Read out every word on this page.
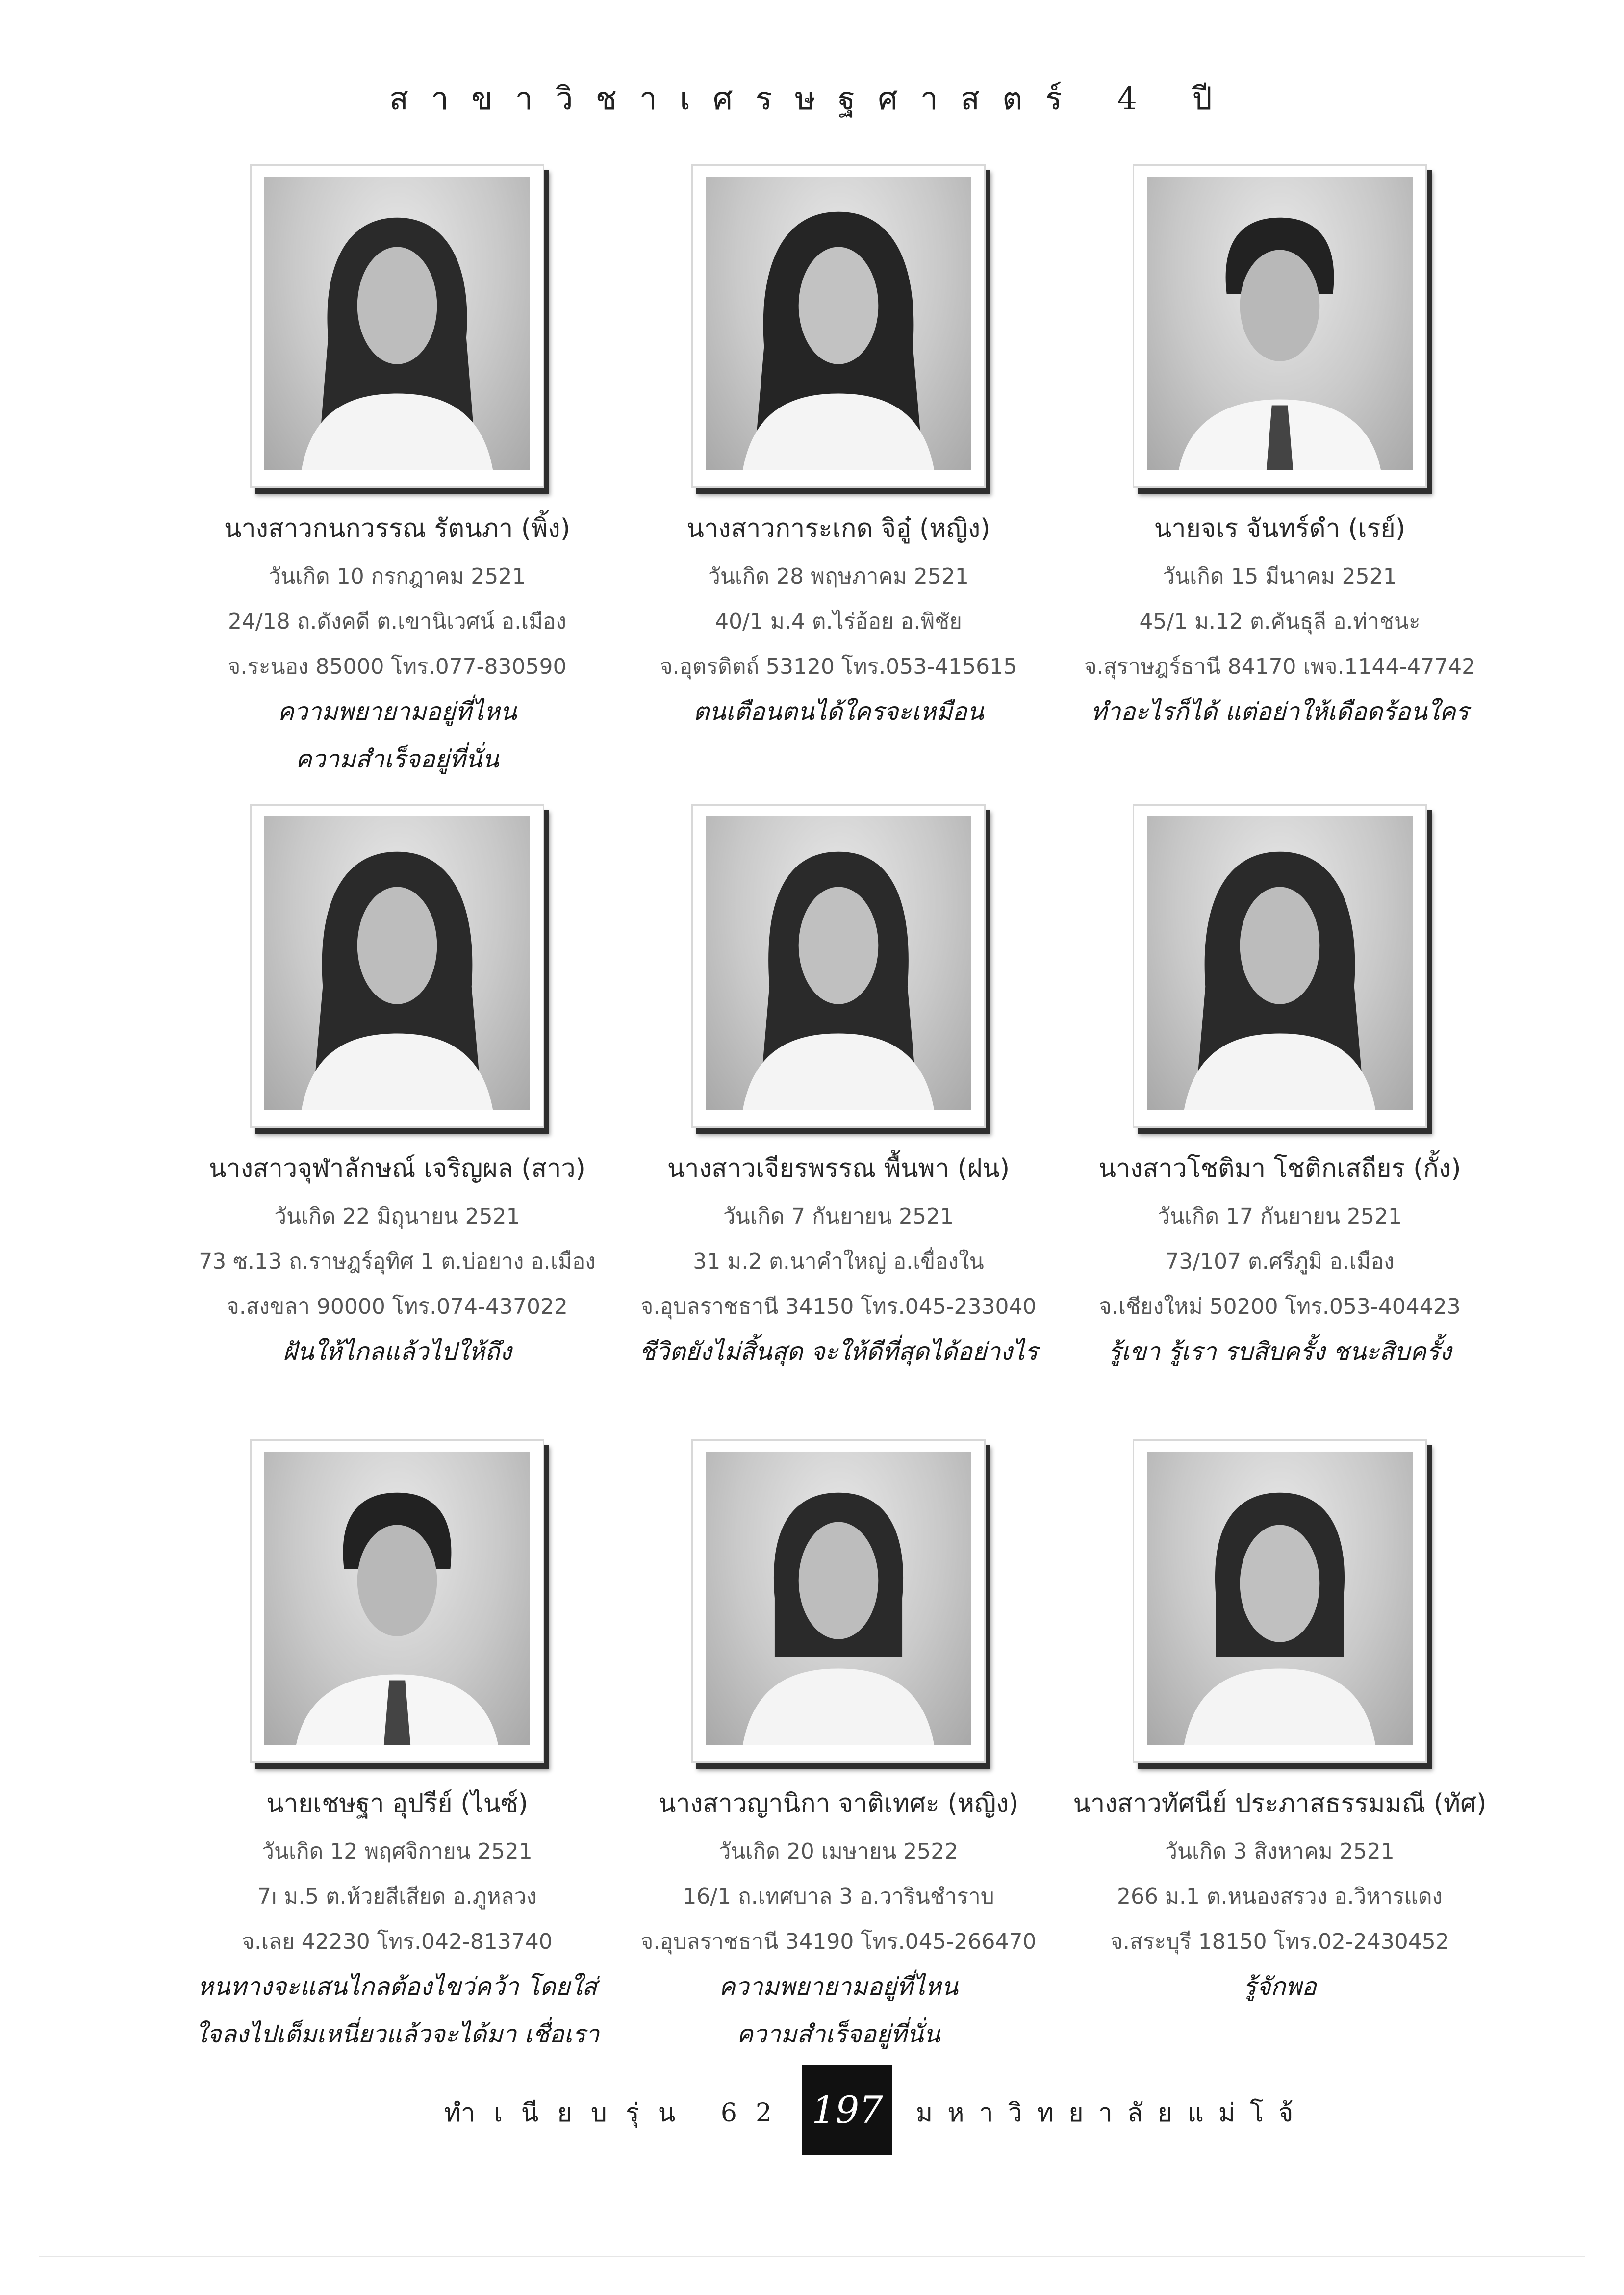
สาขาวิชาเศรษฐศาสตร์ 4 ปี
นางสาวกนกวรรณ รัตนภา (พิ้ง)
วันเกิด 10 กรกฎาคม 2521
24/18 ถ.ดังคดี ต.เขานิเวศน์ อ.เมือง
จ.ระนอง 85000 โทร.077-830590
ความพยายามอยู่ที่ไหน
ความสำเร็จอยู่ที่นั่น
นางสาวการะเกด จิอู๋ (หญิง)
วันเกิด 28 พฤษภาคม 2521
40/1 ม.4 ต.ไร่อ้อย อ.พิชัย
จ.อุตรดิตถ์ 53120 โทร.053-415615
ตนเตือนตนได้ใครจะเหมือน
นายจเร จันทร์ดำ (เรย์)
วันเกิด 15 มีนาคม 2521
45/1 ม.12 ต.คันธุลี อ.ท่าชนะ
จ.สุราษฎร์ธานี 84170 เพจ.1144-47742
ทำอะไรก็ได้ แต่อย่าให้เดือดร้อนใคร
นางสาวจุฬาลักษณ์ เจริญผล (สาว)
วันเกิด 22 มิถุนายน 2521
73 ซ.13 ถ.ราษฎร์อุทิศ 1 ต.บ่อยาง อ.เมือง
จ.สงขลา 90000 โทร.074-437022
ฝันให้ไกลแล้วไปให้ถึง
นางสาวเจียรพรรณ พื้นพา (ฝน)
วันเกิด 7 กันยายน 2521
31 ม.2 ต.นาคำใหญ่ อ.เขื่องใน
จ.อุบลราชธานี 34150 โทร.045-233040
ชีวิตยังไม่สิ้นสุด จะให้ดีที่สุดได้อย่างไร
นางสาวโชติมา โชติกเสถียร (กั้ง)
วันเกิด 17 กันยายน 2521
73/107 ต.ศรีภูมิ อ.เมือง
จ.เชียงใหม่ 50200 โทร.053-404423
รู้เขา รู้เรา รบสิบครั้ง ชนะสิบครั้ง
นายเชษฐา อุปรีย์ (ไนซ์)
วันเกิด 12 พฤศจิกายน 2521
7ı ม.5 ต.ห้วยสีเสียด อ.ภูหลวง
จ.เลย 42230 โทร.042-813740
หนทางจะแสนไกลต้องไขว่คว้า โดยใส่
ใจลงไปเต็มเหนี่ยวแล้วจะได้มา เชื่อเรา
นางสาวญานิกา จาติเทศะ (หญิง)
วันเกิด 20 เมษายน 2522
16/1 ถ.เทศบาล 3 อ.วารินชำราบ
จ.อุบลราชธานี 34190 โทร.045-266470
ความพยายามอยู่ที่ไหน
ความสำเร็จอยู่ที่นั่น
นางสาวทัศนีย์ ประภาสธรรมมณี (ทัศ)
วันเกิด 3 สิงหาคม 2521
266 ม.1 ต.หนองสรวง อ.วิหารแดง
จ.สระบุรี 18150 โทร.02-2430452
รู้จักพอ
ทำเนียบรุ่น 62 197	มหาวิทยาลัยแม่โจ้
